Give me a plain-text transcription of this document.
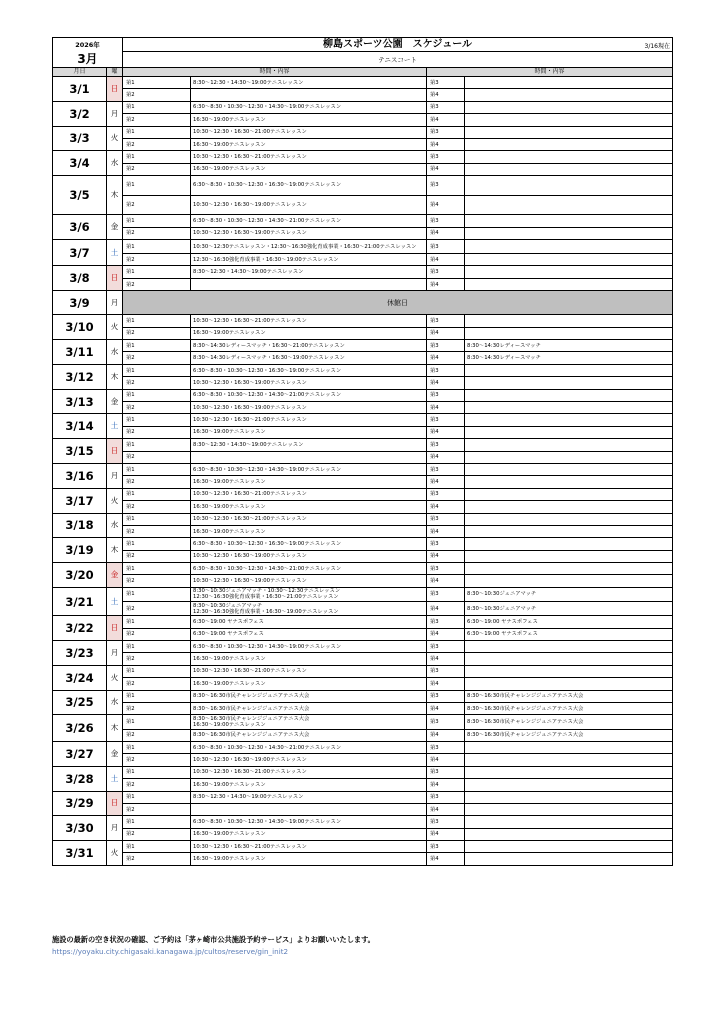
2026年		柳島スポーツ公園　スケジュール 3/16現在			

3月		テニスコート			
月日	曜	時間・内容		時間・内容	
3/1	日	第1	8:30〜12:30・14:30〜19:00テニスレッスン	第3	
		第2		第4	
3/2	月	第1	6:30〜8:30・10:30〜12:30・14:30〜19:00テニスレッスン	第3	
		第2	16:30〜19:00テニスレッスン	第4	
3/3	火	第1	10:30〜12:30・16:30〜21:00テニスレッスン	第3	
		第2	16:30〜19:00テニスレッスン	第4	
3/4	水	第1	10:30〜12:30・16:30〜21:00テニスレッスン	第3	
		第2	16:30〜19:00テニスレッスン	第4	
3/5	木	第1	6:30〜8:30・10:30〜12:30・16:30〜19:00テニスレッスン	第3	
		第2	10:30〜12:30・16:30〜19:00テニスレッスン	第4	
3/6	金	第1	6:30〜8:30・10:30〜12:30・14:30〜21:00テニスレッスン	第3	
		第2	10:30〜12:30・16:30〜19:00テニスレッスン	第4	
3/7	土	第1	10:30〜12:30テニスレッスン・12:30〜16:30強化育成事業・16:30〜21:00テニスレッスン	第3	
		第2	12:30〜16:30強化育成事業・16:30〜19:00テニスレッスン	第4	
3/8	日	第1	8:30〜12:30・14:30〜19:00テニスレッスン	第3	
		第2		第4	
3/9	月	休館日			
3/10	火	第1	10:30〜12:30・16:30〜21:00テニスレッスン	第3	
		第2	16:30〜19:00テニスレッスン	第4	
3/11	水	第1	8:30〜14:30レディースマッチ・16:30〜21:00テニスレッスン	第3	8:30〜14:30レディースマッチ
		第2	8:30〜14:30レディースマッチ・16:30〜19:00テニスレッスン	第4	8:30〜14:30レディースマッチ
3/12	木	第1	6:30〜8:30・10:30〜12:30・16:30〜19:00テニスレッスン	第3	
		第2	10:30〜12:30・16:30〜19:00テニスレッスン	第4	
3/13	金	第1	6:30〜8:30・10:30〜12:30・14:30〜21:00テニスレッスン	第3	
		第2	10:30〜12:30・16:30〜19:00テニスレッスン	第4	
3/14	土	第1	10:30〜12:30・16:30〜21:00テニスレッスン	第3	
		第2	16:30〜19:00テニスレッスン	第4	
3/15	日	第1	8:30〜12:30・14:30〜19:00テニスレッスン	第3	
		第2		第4	
3/16	月	第1	6:30〜8:30・10:30〜12:30・14:30〜19:00テニスレッスン	第3	
		第2	16:30〜19:00テニスレッスン	第4	
3/17	火	第1	10:30〜12:30・16:30〜21:00テニスレッスン	第3	
		第2	16:30〜19:00テニスレッスン	第4	
3/18	水	第1	10:30〜12:30・16:30〜21:00テニスレッスン	第3	
		第2	16:30〜19:00テニスレッスン	第4	
3/19	木	第1	6:30〜8:30・10:30〜12:30・16:30〜19:00テニスレッスン	第3	
		第2	10:30〜12:30・16:30〜19:00テニスレッスン	第4	
3/20	金	第1	6:30〜8:30・10:30〜12:30・14:30〜21:00テニスレッスン	第3	
		第2	10:30〜12:30・16:30〜19:00テニスレッスン	第4	
3/21	土	第1	8:30〜10:30ジュニアマッチ・10:30〜12:30テニスレッスン
12:30〜16:30強化育成事業・16:30〜21:00テニスレッスン	第3	8:30〜10:30ジュニアマッチ
		第2	8:30〜10:30ジュニアマッチ
12:30〜16:30強化育成事業・16:30〜19:00テニスレッスン	第4	8:30〜10:30ジュニアマッチ
3/22	日	第1	6:30〜19:00 ヤナスポフェス	第3	6:30〜19:00 ヤナスポフェス
		第2	6:30〜19:00 ヤナスポフェス	第4	6:30〜19:00 ヤナスポフェス
3/23	月	第1	6:30〜8:30・10:30〜12:30・14:30〜19:00テニスレッスン	第3	
		第2	16:30〜19:00テニスレッスン	第4	
3/24	火	第1	10:30〜12:30・16:30〜21:00テニスレッスン	第3	
		第2	16:30〜19:00テニスレッスン	第4	
3/25	水	第1	8:30〜16:30市民チャレンジジュニアテニス大会	第3	8:30〜16:30市民チャレンジジュニアテニス大会
		第2	8:30〜16:30市民チャレンジジュニアテニス大会	第4	8:30〜16:30市民チャレンジジュニアテニス大会
3/26	木	第1	8:30〜16:30市民チャレンジジュニアテニス大会
16:30〜19:00テニスレッスン	第3	8:30〜16:30市民チャレンジジュニアテニス大会
		第2	8:30〜16:30市民チャレンジジュニアテニス大会	第4	8:30〜16:30市民チャレンジジュニアテニス大会
3/27	金	第1	6:30〜8:30・10:30〜12:30・14:30〜21:00テニスレッスン	第3	
		第2	10:30〜12:30・16:30〜19:00テニスレッスン	第4	
3/28	土	第1	10:30〜12:30・16:30〜21:00テニスレッスン	第3	
		第2	16:30〜19:00テニスレッスン	第4	
3/29	日	第1	8:30〜12:30・14:30〜19:00テニスレッスン	第3	
		第2		第4	
3/30	月	第1	6:30〜8:30・10:30〜12:30・14:30〜19:00テニスレッスン	第3	
		第2	16:30〜19:00テニスレッスン	第4	
3/31	火	第1	10:30〜12:30・16:30〜21:00テニスレッスン	第3	
		第2	16:30〜19:00テニスレッスン	第4	
施設の最新の空き状況の確認、ご予約は「茅ヶ崎市公共施設予約サービス」よりお願いいたします。
https://yoyaku.city.chigasaki.kanagawa.jp/cultos/reserve/gin_init2
